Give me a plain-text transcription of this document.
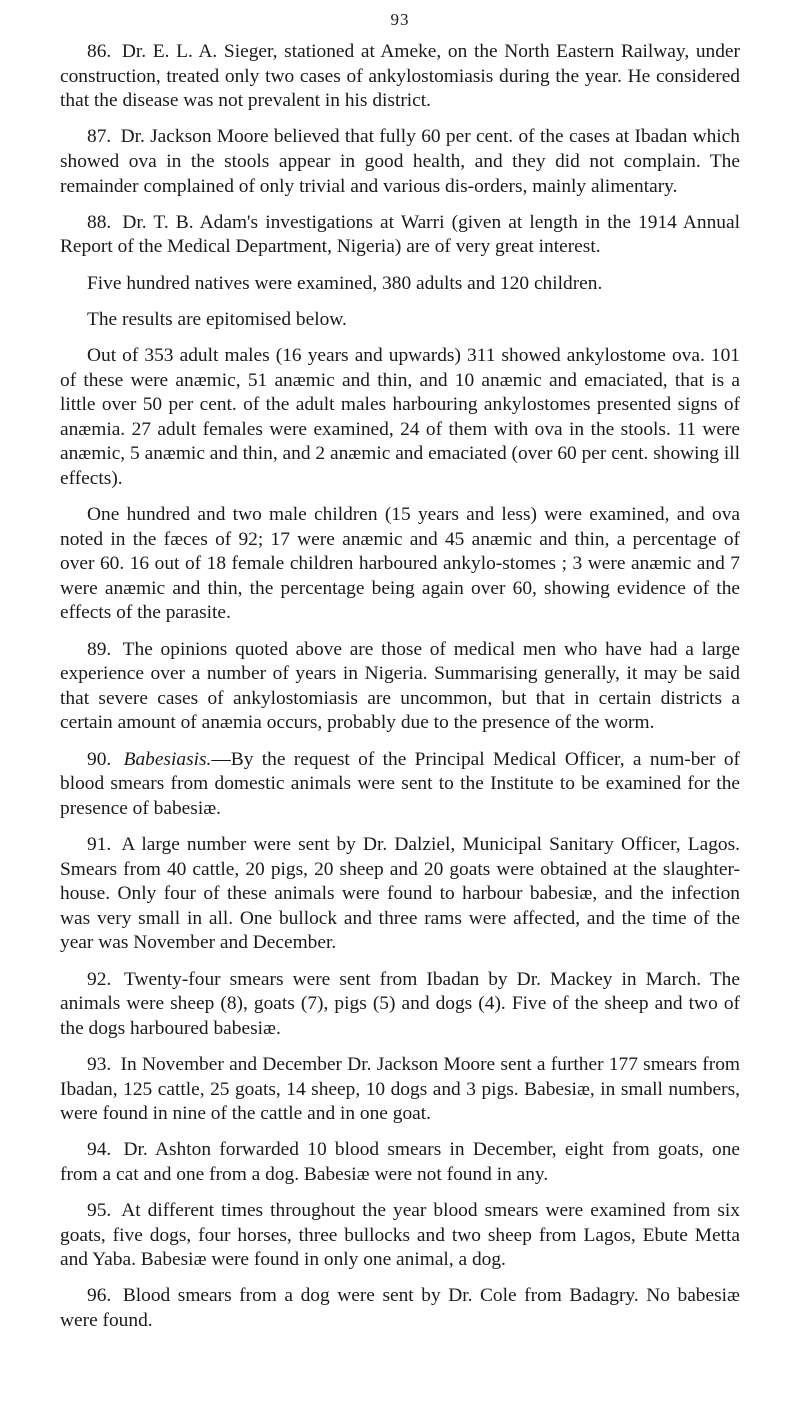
93

86. Dr. E. L. A. Sieger, stationed at Ameke, on the North Eastern Railway, under construction, treated only two cases of ankylostomiasis during the year. He considered that the disease was not prevalent in his district.

87. Dr. Jackson Moore believed that fully 60 per cent. of the cases at Ibadan which showed ova in the stools appear in good health, and they did not complain. The remainder complained of only trivial and various dis-orders, mainly alimentary.

88. Dr. T. B. Adam's investigations at Warri (given at length in the 1914 Annual Report of the Medical Department, Nigeria) are of very great interest.

Five hundred natives were examined, 380 adults and 120 children.

The results are epitomised below.

Out of 353 adult males (16 years and upwards) 311 showed ankylostome ova. 101 of these were anæmic, 51 anæmic and thin, and 10 anæmic and emaciated, that is a little over 50 per cent. of the adult males harbouring ankylostomes presented signs of anæmia. 27 adult females were examined, 24 of them with ova in the stools. 11 were anæmic, 5 anæmic and thin, and 2 anæmic and emaciated (over 60 per cent. showing ill effects).

One hundred and two male children (15 years and less) were examined, and ova noted in the fæces of 92; 17 were anæmic and 45 anæmic and thin, a percentage of over 60. 16 out of 18 female children harboured ankylo-stomes ; 3 were anæmic and 7 were anæmic and thin, the percentage being again over 60, showing evidence of the effects of the parasite.

89. The opinions quoted above are those of medical men who have had a large experience over a number of years in Nigeria. Summarising generally, it may be said that severe cases of ankylostomiasis are uncommon, but that in certain districts a certain amount of anæmia occurs, probably due to the presence of the worm.

90. Babesiasis.—By the request of the Principal Medical Officer, a num-ber of blood smears from domestic animals were sent to the Institute to be examined for the presence of babesiæ.

91. A large number were sent by Dr. Dalziel, Municipal Sanitary Officer, Lagos. Smears from 40 cattle, 20 pigs, 20 sheep and 20 goats were obtained at the slaughter-house. Only four of these animals were found to harbour babesiæ, and the infection was very small in all. One bullock and three rams were affected, and the time of the year was November and December.

92. Twenty-four smears were sent from Ibadan by Dr. Mackey in March. The animals were sheep (8), goats (7), pigs (5) and dogs (4). Five of the sheep and two of the dogs harboured babesiæ.

93. In November and December Dr. Jackson Moore sent a further 177 smears from Ibadan, 125 cattle, 25 goats, 14 sheep, 10 dogs and 3 pigs. Babesiæ, in small numbers, were found in nine of the cattle and in one goat.

94. Dr. Ashton forwarded 10 blood smears in December, eight from goats, one from a cat and one from a dog. Babesiæ were not found in any.

95. At different times throughout the year blood smears were examined from six goats, five dogs, four horses, three bullocks and two sheep from Lagos, Ebute Metta and Yaba. Babesiæ were found in only one animal, a dog.

96. Blood smears from a dog were sent by Dr. Cole from Badagry. No babesiæ were found.
